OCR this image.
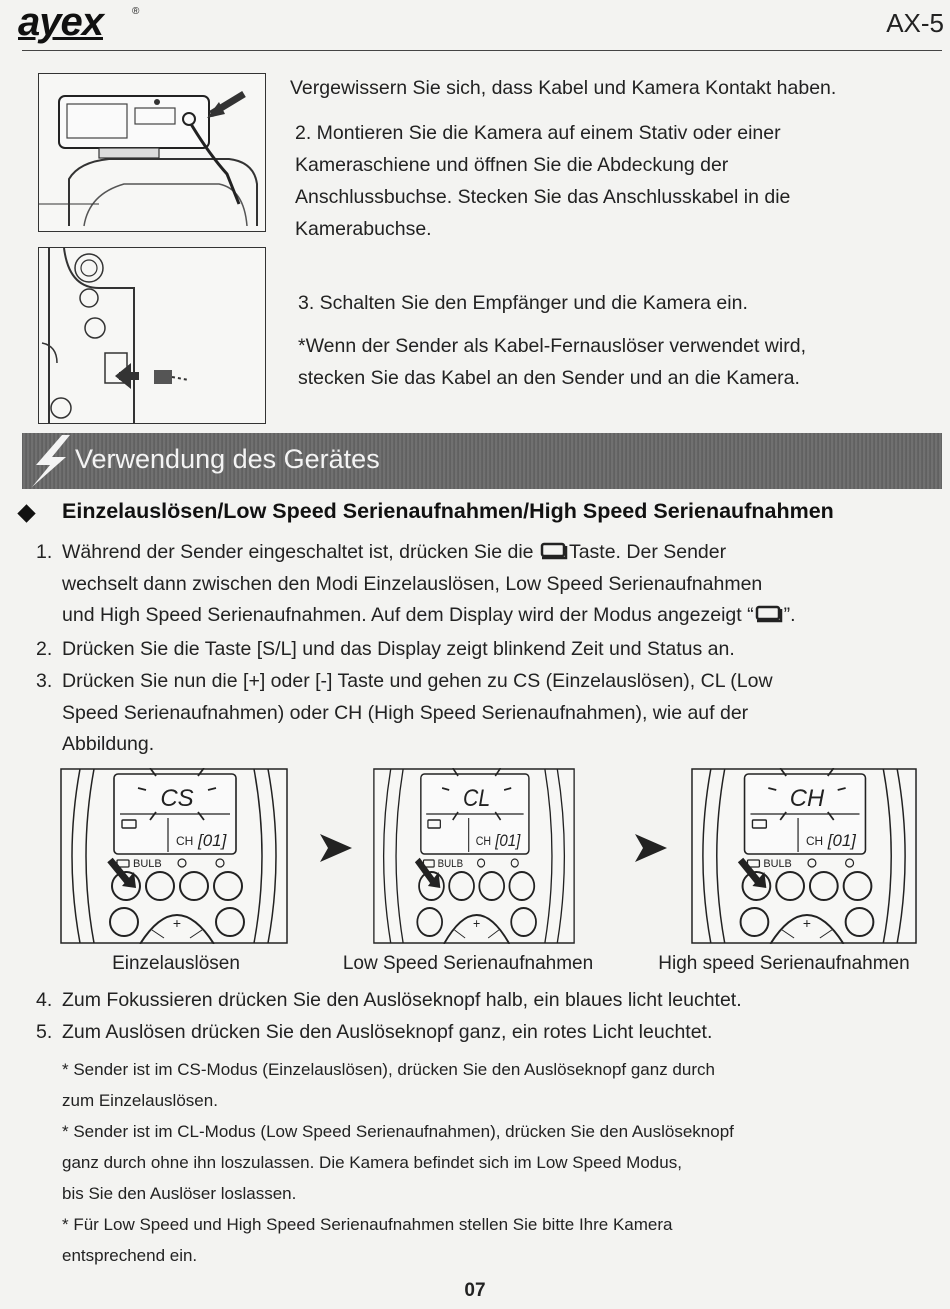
ayex	®	AX-5
Vergewissern Sie sich, dass Kabel und Kamera Kontakt haben.
2. Montieren Sie die Kamera auf einem Stativ oder einer
Kameraschiene und öffnen Sie die Abdeckung der
Anschlussbuchse. Stecken Sie das Anschlusskabel in die
Kamerabuchse.
3. Schalten Sie den Empfänger und die Kamera ein.
*Wenn der Sender als Kabel-Fernauslöser verwendet wird,
stecken Sie das Kabel an den Sender und an die Kamera.
Verwendung des Gerätes
Einzelauslösen/Low Speed Serienaufnahmen/High Speed Serienaufnahmen
1. Während der Sender eingeschaltet ist, drücken Sie die Taste. Der Sender
wechselt dann zwischen den Modi Einzelauslösen, Low Speed Serienaufnahmen
und High Speed Serienaufnahmen. Auf dem Display wird der Modus angezeigt “ ”.
2. Drücken Sie die Taste [S/L] und das Display zeigt blinkend Zeit und Status an.
3. Drücken Sie nun die [+] oder [-] Taste und gehen zu CS (Einzelauslösen), CL (Low
Speed Serienaufnahmen) oder CH (High Speed Serienaufnahmen), wie auf der
Abbildung.
CS
CH [01]
BULB
+
CL
CH [01]
BULB
+
CH
CH [01]
BULB
+
Einzelauslösen	Low Speed Serienaufnahmen	High speed Serienaufnahmen
4. Zum Fokussieren drücken Sie den Auslöseknopf halb, ein blaues licht leuchtet.
5. Zum Auslösen drücken Sie den Auslöseknopf ganz, ein rotes Licht leuchtet.
* Sender ist im CS-Modus (Einzelauslösen), drücken Sie den Auslöseknopf ganz durch
zum Einzelauslösen.
* Sender ist im CL-Modus (Low Speed Serienaufnahmen), drücken Sie den Auslöseknopf
ganz durch ohne ihn loszulassen. Die Kamera befindet sich im Low Speed Modus,
bis Sie den Auslöser loslassen.
* Für Low Speed und High Speed Serienaufnahmen stellen Sie bitte Ihre Kamera
entsprechend ein.
07
